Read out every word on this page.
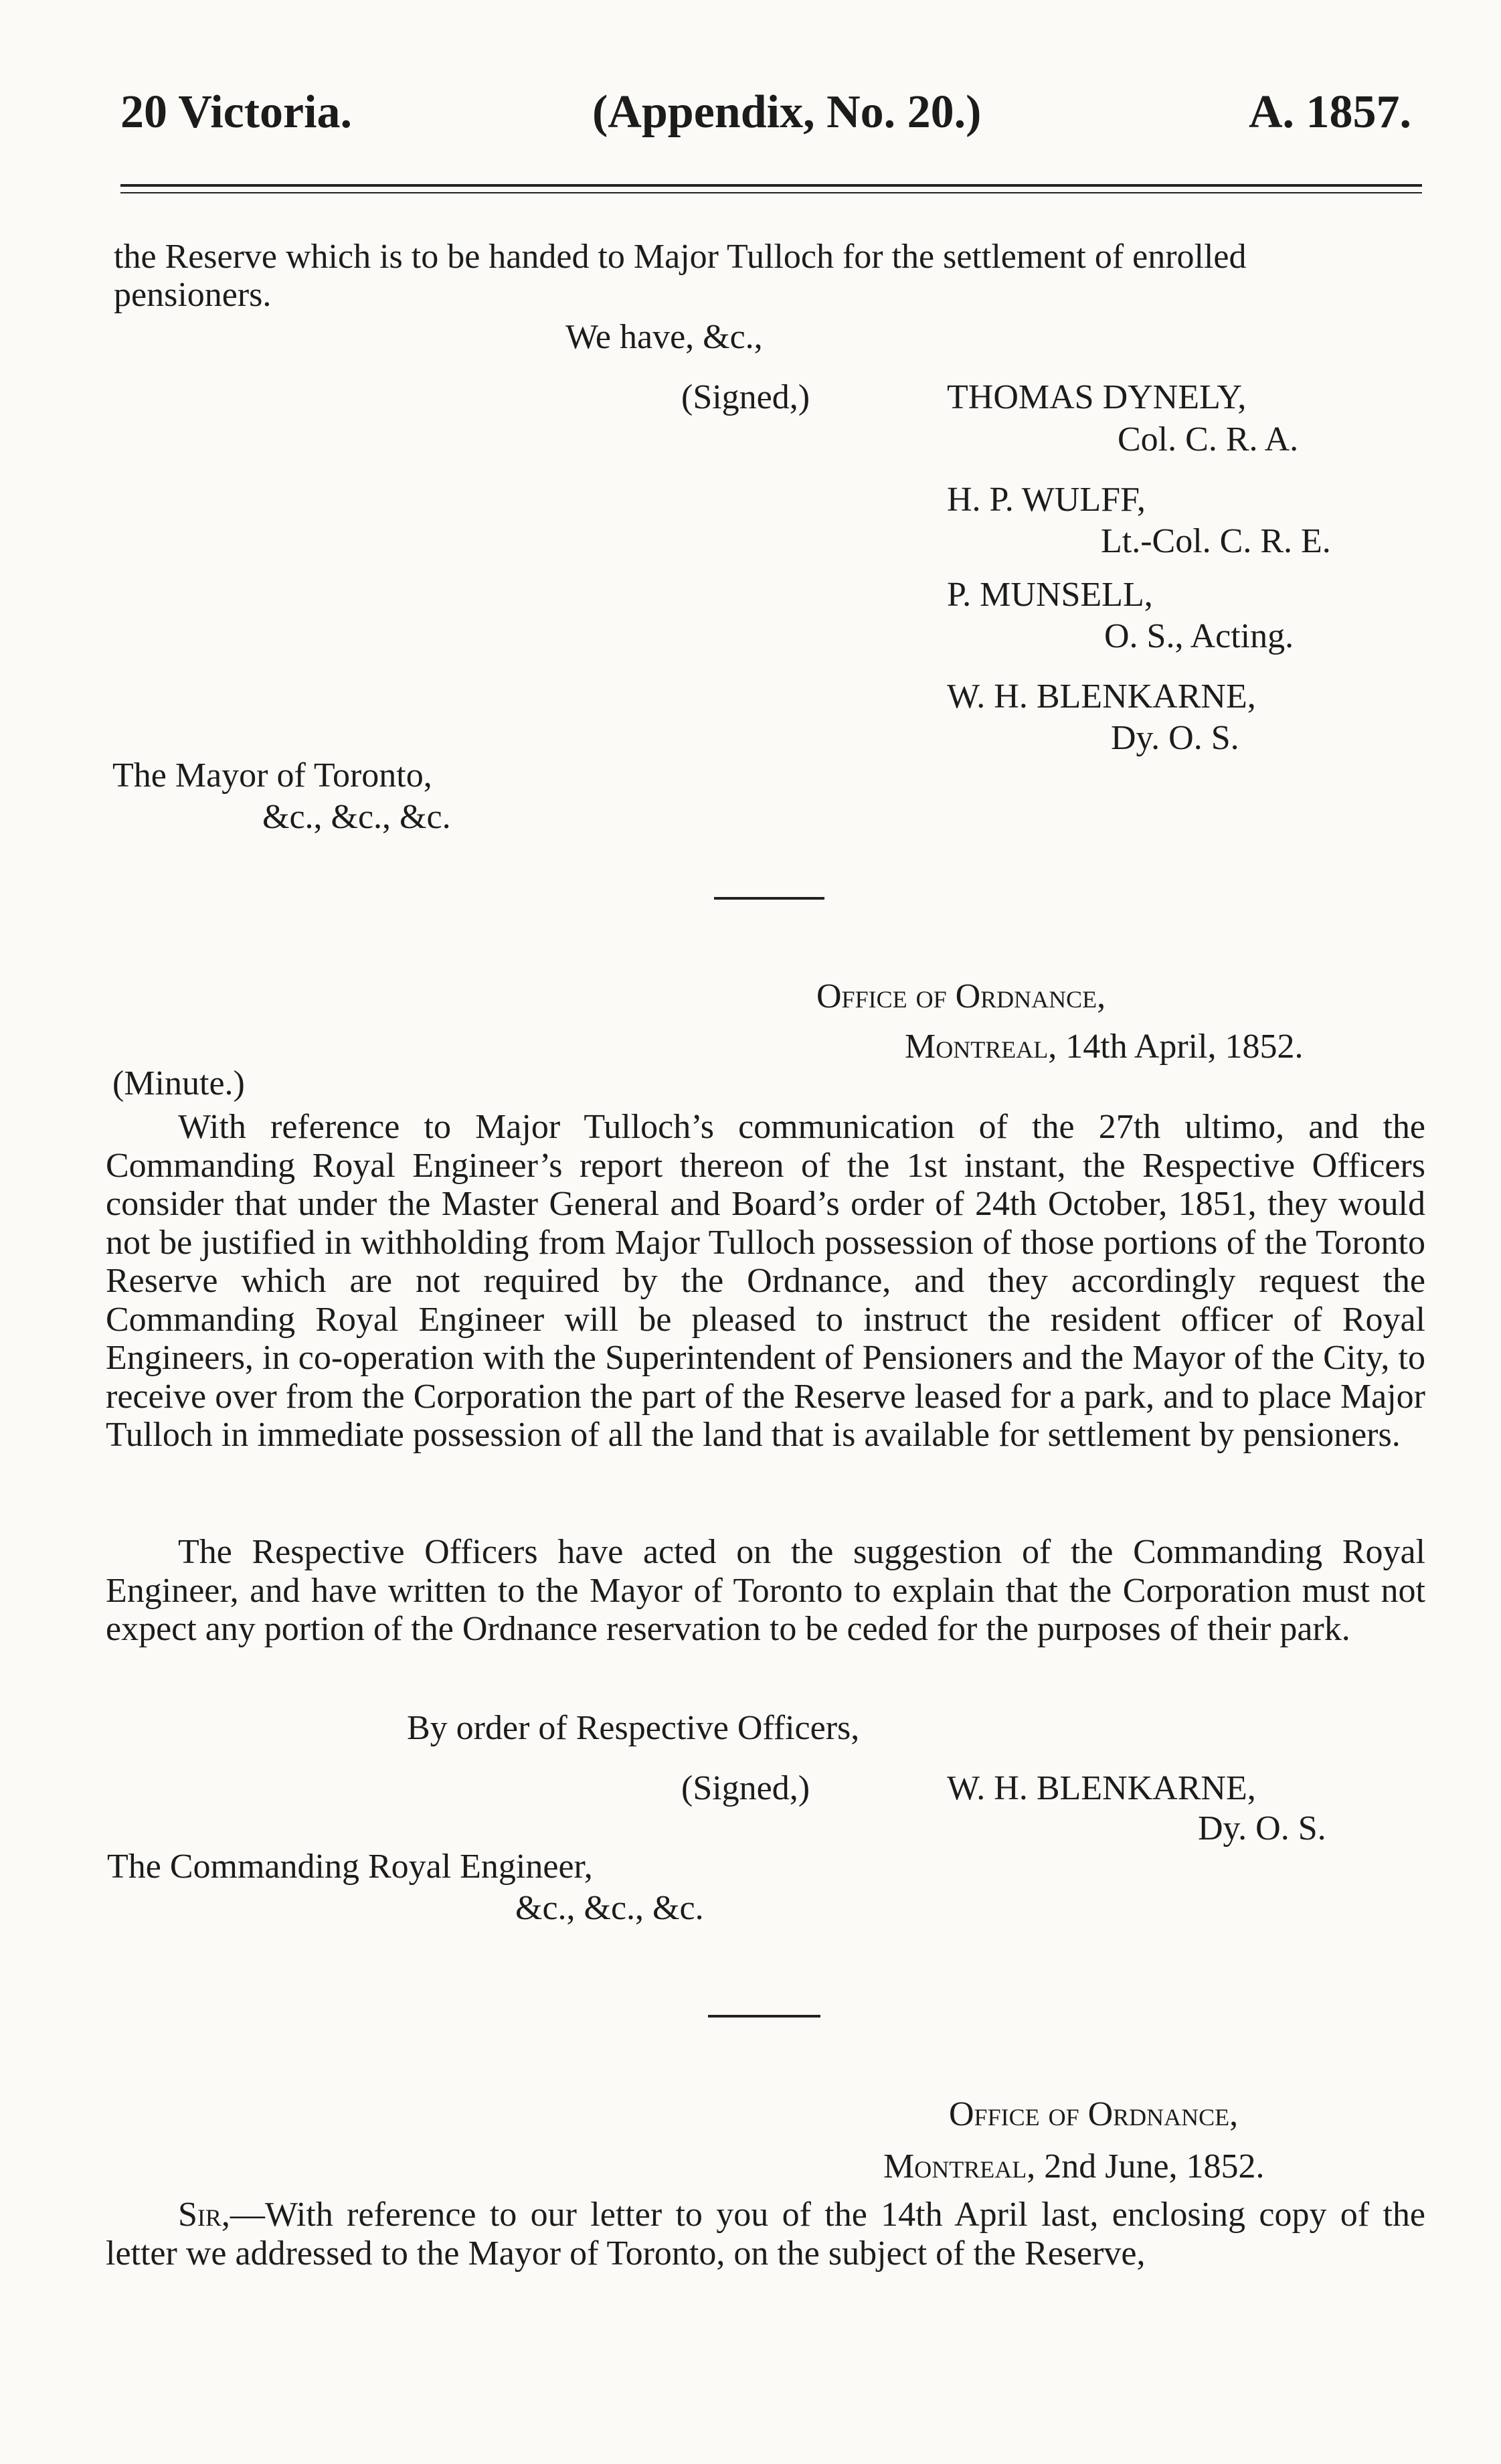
20 Victoria.	(Appendix, No. 20.)	A. 1857.
the Reserve which is to be handed to Major Tulloch for the settlement of enrolled
pensioners.
We have, &c.,
(Signed,)	THOMAS DYNELY,
Col. C. R. A.
H. P. WULFF,
Lt.-Col. C. R. E.
P. MUNSELL,
O. S., Acting.
W. H. BLENKARNE,
Dy. O. S.
The Mayor of Toronto,
&c., &c., &c.
Office of Ordnance,
Montreal, 14th April, 1852.
(Minute.)
With reference to Major Tulloch’s communication of the 27th ultimo, and the Commanding Royal Engineer’s report thereon of the 1st instant, the Respective Officers consider that under the Master General and Board’s order of 24th October, 1851, they would not be justified in withholding from Major Tulloch possession of those portions of the Toronto Reserve which are not required by the Ordnance, and they accordingly request the Commanding Royal Engineer will be pleased to instruct the resident officer of Royal Engineers, in co-operation with the Superintendent of Pensioners and the Mayor of the City, to receive over from the Corporation the part of the Reserve leased for a park, and to place Major Tulloch in immediate possession of all the land that is available for settlement by pensioners.
The Respective Officers have acted on the suggestion of the Commanding Royal Engineer, and have written to the Mayor of Toronto to explain that the Corporation must not expect any portion of the Ordnance reservation to be ceded for the purposes of their park.
By order of Respective Officers,
(Signed,)	W. H. BLENKARNE,
Dy. O. S.
The Commanding Royal Engineer,
&c., &c., &c.
Office of Ordnance,
Montreal, 2nd June, 1852.
Sir,—With reference to our letter to you of the 14th April last, enclosing copy of the letter we addressed to the Mayor of Toronto, on the subject of the Reserve,
